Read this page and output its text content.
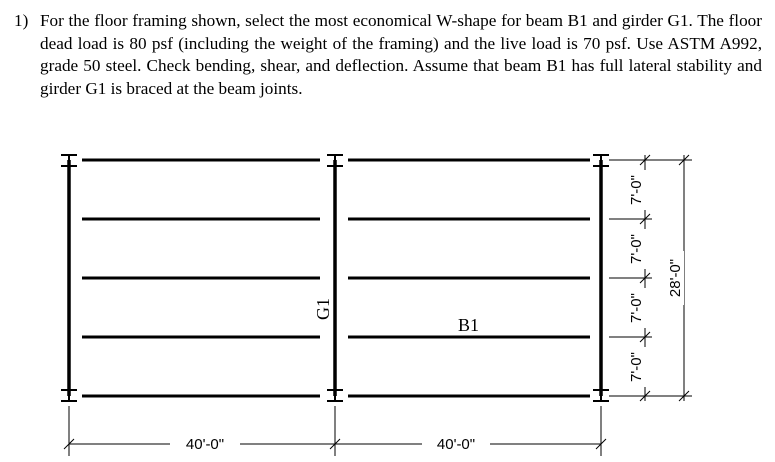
1) For the floor framing shown, select the most economical W-shape for beam B1 and girder G1. The floor dead load is 80 psf (including the weight of the framing) and the live load is 70 psf. Use ASTM A992, grade 50 steel. Check bending, shear, and deflection. Assume that beam B1 has full lateral stability and girder G1 is braced at the beam joints.
G1
B1
40'-0"	40'-0"
7'-0"
7'-0"
7'-0"
7'-0"
28'-0"
